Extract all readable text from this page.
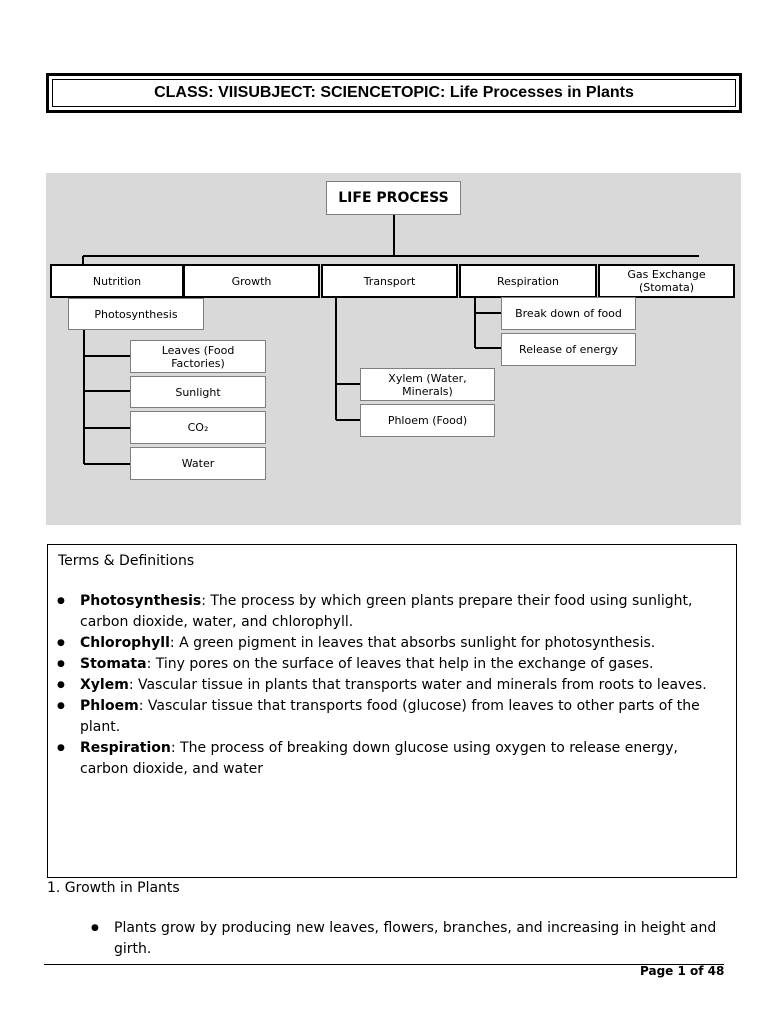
CLASS: VII SUBJECT: SCIENCE TOPIC: Life Processes in Plants
LIFE PROCESS
Nutrition	Growth	Transport	Respiration	Gas Exchange (Stomata)
Photosynthesis
Leaves (Food Factories)
Sunlight
CO₂
Water
Xylem (Water, Minerals)
Phloem (Food)
Break down of food
Release of energy
Terms & Definitions
● Photosynthesis: The process by which green plants prepare their food using sunlight, carbon dioxide, water, and chlorophyll.
● Chlorophyll: A green pigment in leaves that absorbs sunlight for photosynthesis.
● Stomata: Tiny pores on the surface of leaves that help in the exchange of gases.
● Xylem: Vascular tissue in plants that transports water and minerals from roots to leaves.
● Phloem: Vascular tissue that transports food (glucose) from leaves to other parts of the plant.
● Respiration: The process of breaking down glucose using oxygen to release energy, carbon dioxide, and water
1. Growth in Plants
● Plants grow by producing new leaves, flowers, branches, and increasing in height and girth.
Page 1 of 48
